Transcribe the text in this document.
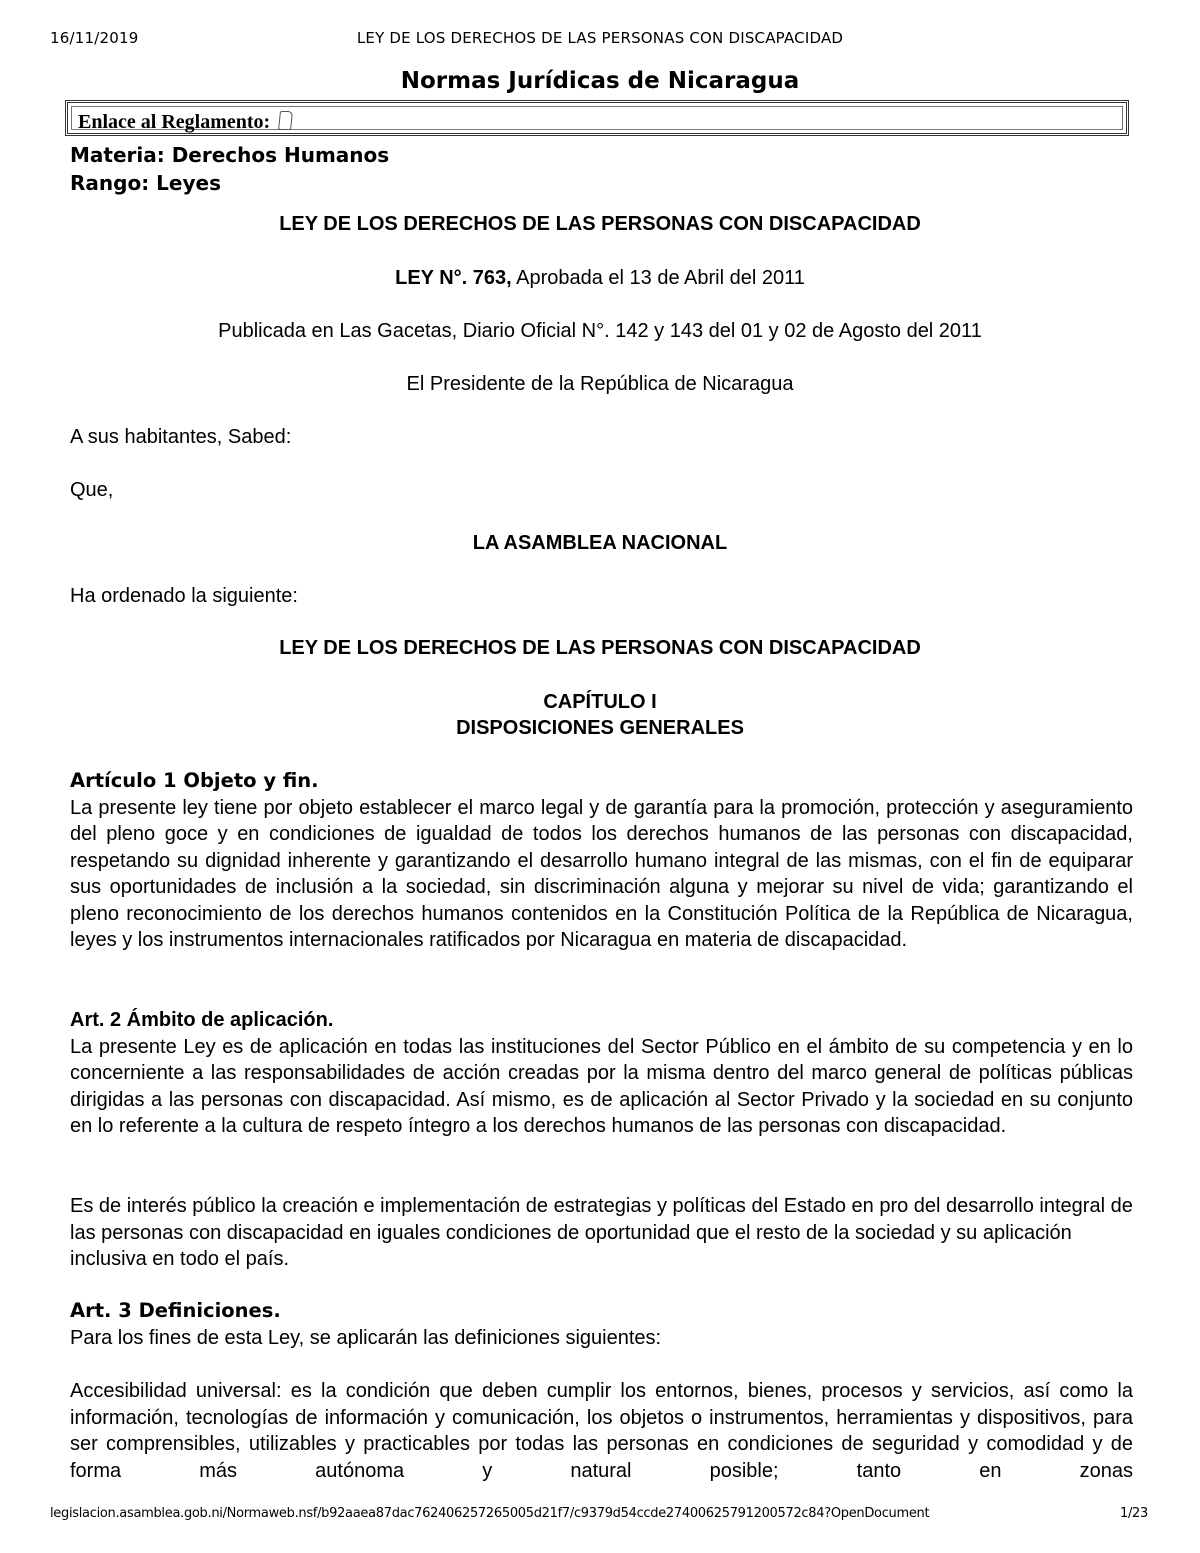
16/11/2019	LEY DE LOS DERECHOS DE LAS PERSONAS CON DISCAPACIDAD
Normas Jurídicas de Nicaragua
Enlace al Reglamento:
Materia: Derechos Humanos
Rango: Leyes
LEY DE LOS DERECHOS DE LAS PERSONAS CON DISCAPACIDAD
LEY N°. 763, Aprobada el 13 de Abril del 2011
Publicada en Las Gacetas, Diario Oficial N°. 142 y 143 del 01 y 02 de Agosto del 2011
El Presidente de la República de Nicaragua
A sus habitantes, Sabed:
Que,
LA ASAMBLEA NACIONAL
Ha ordenado la siguiente:
LEY DE LOS DERECHOS DE LAS PERSONAS CON DISCAPACIDAD
CAPÍTULO I
DISPOSICIONES GENERALES

Artículo 1 Objeto y fin.

La presente ley tiene por objeto establecer el marco legal y de garantía para la promoción, protección y aseguramiento del pleno goce y en condiciones de igualdad de todos los derechos humanos de las personas con discapacidad, respetando su dignidad inherente y garantizando el desarrollo humano integral de las mismas, con el fin de equiparar sus oportunidades de inclusión a la sociedad, sin discriminación alguna y mejorar su nivel de vida; garantizando el pleno reconocimiento de los derechos humanos contenidos en la Constitución Política de la República de Nicaragua, leyes y los instrumentos internacionales ratificados por Nicaragua en materia de discapacidad.

Art. 2 Ámbito de aplicación.

La presente Ley es de aplicación en todas las instituciones del Sector Público en el ámbito de su competencia y en lo concerniente a las responsabilidades de acción creadas por la misma dentro del marco general de políticas públicas dirigidas a las personas con discapacidad. Así mismo, es de aplicación al Sector Privado y la sociedad en su conjunto en lo referente a la cultura de respeto íntegro a los derechos humanos de las personas con discapacidad.

Es de interés público la creación e implementación de estrategias y políticas del Estado en pro del desarrollo integral de las personas con discapacidad en iguales condiciones de oportunidad que el resto de la sociedad y su aplicación inclusiva en todo el país.

Art. 3 Definiciones.

Para los fines de esta Ley, se aplicarán las definiciones siguientes:

Accesibilidad universal: es la condición que deben cumplir los entornos, bienes, procesos y servicios, así como la información, tecnologías de información y comunicación, los objetos o instrumentos, herramientas y dispositivos, para ser comprensibles, utilizables y practicables por todas las personas en condiciones de seguridad y comodidad y de forma más autónoma y natural posible; tanto en zonas

legislacion.asamblea.gob.ni/Normaweb.nsf/b92aaea87dac762406257265005d21f7/c9379d54ccde27400625791200572c84?OpenDocument	1/23
